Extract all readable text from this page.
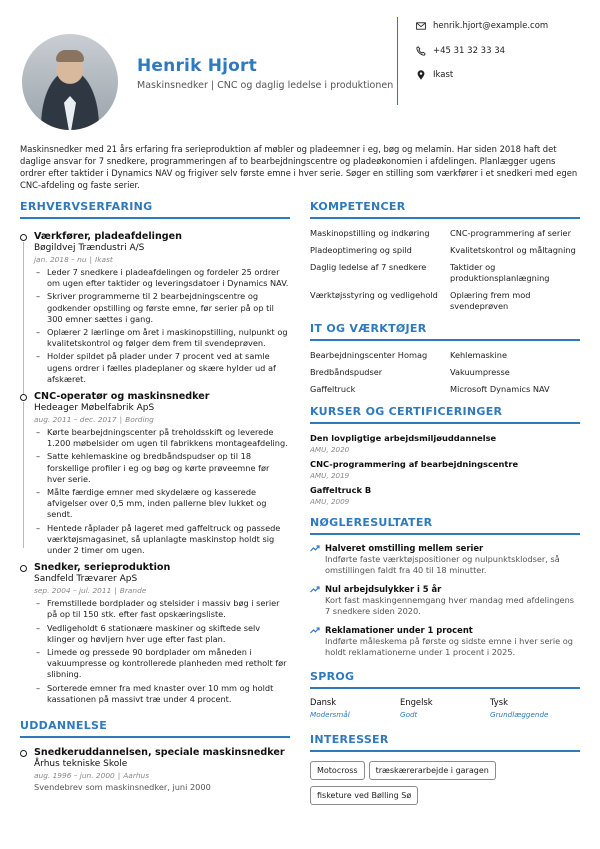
Henrik Hjort
Maskinsnedker | CNC og daglig ledelse i produktionen
henrik.hjort@example.com
+45 31 32 33 34
Ikast
Maskinsnedker med 21 års erfaring fra serieproduktion af møbler og pladeemner i eg, bøg og melamin. Har siden 2018 haft det daglige ansvar for 7 snedkere, programmeringen af to bearbejdningscentre og pladeøkonomien i afdelingen. Planlægger ugens ordrer efter taktider i Dynamics NAV og frigiver selv første emne i hver serie. Søger en stilling som værkfører i et snedkeri med egen CNC-afdeling og faste serier.
ERHVERVSERFARING
Værkfører, pladeafdelingen
Bøgildvej Trændustri A/S
jan. 2018 – nu | Ikast
– Leder 7 snedkere i pladeafdelingen og fordeler 25 ordrer om ugen efter taktider og leveringsdatoer i Dynamics NAV.
– Skriver programmerne til 2 bearbejdningscentre og godkender opstilling og første emne, før serier på op til 300 emner sættes i gang.
– Oplærer 2 lærlinge om året i maskinopstilling, nulpunkt og kvalitetskontrol og følger dem frem til svendeprøven.
– Holder spildet på plader under 7 procent ved at samle ugens ordrer i fælles pladeplaner og skære hylder ud af afskæret.
CNC-operatør og maskinsnedker
Hedeager Møbelfabrik ApS
aug. 2011 – dec. 2017 | Bording
– Kørte bearbejdningscenter på treholdsskift og leverede 1.200 møbelsider om ugen til fabrikkens montageafdeling.
– Satte kehlemaskine og bredbåndspudser op til 18 forskellige profiler i eg og bøg og kørte prøveemne før hver serie.
– Målte færdige emner med skydelære og kasserede afvigelser over 0,5 mm, inden pallerne blev lukket og sendt.
– Hentede råplader på lageret med gaffeltruck og passede værktøjsmagasinet, så uplanlagte maskinstop holdt sig under 2 timer om ugen.
Snedker, serieproduktion
Sandfeld Trævarer ApS
sep. 2004 – jul. 2011 | Brande
– Fremstillede bordplader og stelsider i massiv bøg i serier på op til 150 stk. efter fast opskæringsliste.
– Vedligeholdt 6 stationære maskiner og skiftede selv klinger og høvljern hver uge efter fast plan.
– Limede og pressede 90 bordplader om måneden i vakuumpresse og kontrollerede planheden med retholt før slibning.
– Sorterede emner fra med knaster over 10 mm og holdt kassationen på massivt træ under 4 procent.
UDDANNELSE
Snedkeruddannelsen, speciale maskinsnedker
Århus tekniske Skole
aug. 1996 – jun. 2000 | Aarhus
Svendebrev som maskinsnedker, juni 2000
KOMPETENCER
Maskinopstilling og indkøring	CNC-programmering af serier
Pladeoptimering og spild	Kvalitetskontrol og måltagning
Daglig ledelse af 7 snedkere	Taktider og produktionsplanlægning
Værktøjsstyring og vedligehold	Oplæring frem mod svendeprøven
IT OG VÆRKTØJER
Bearbejdningscenter Homag	Kehlemaskine
Bredbåndspudser	Vakuumpresse
Gaffeltruck	Microsoft Dynamics NAV
KURSER OG CERTIFICERINGER
Den lovpligtige arbejdsmiljøuddannelse
AMU, 2020
CNC-programmering af bearbejdningscentre
AMU, 2019
Gaffeltruck B
AMU, 2009
NØGLERESULTATER
Halveret omstilling mellem serier
Indførte faste værktøjspositioner og nulpunktsklodser, så omstillingen faldt fra 40 til 18 minutter.
Nul arbejdsulykker i 5 år
Kort fast maskingennemgang hver mandag med afdelingens 7 snedkere siden 2020.
Reklamationer under 1 procent
Indførte måleskema på første og sidste emne i hver serie og holdt reklamationerne under 1 procent i 2025.
SPROG
Dansk
Modersmål
Engelsk
Godt
Tysk
Grundlæggende
INTERESSER
Motocross	træskærerarbejde i garagen
fisketure ved Bølling Sø
